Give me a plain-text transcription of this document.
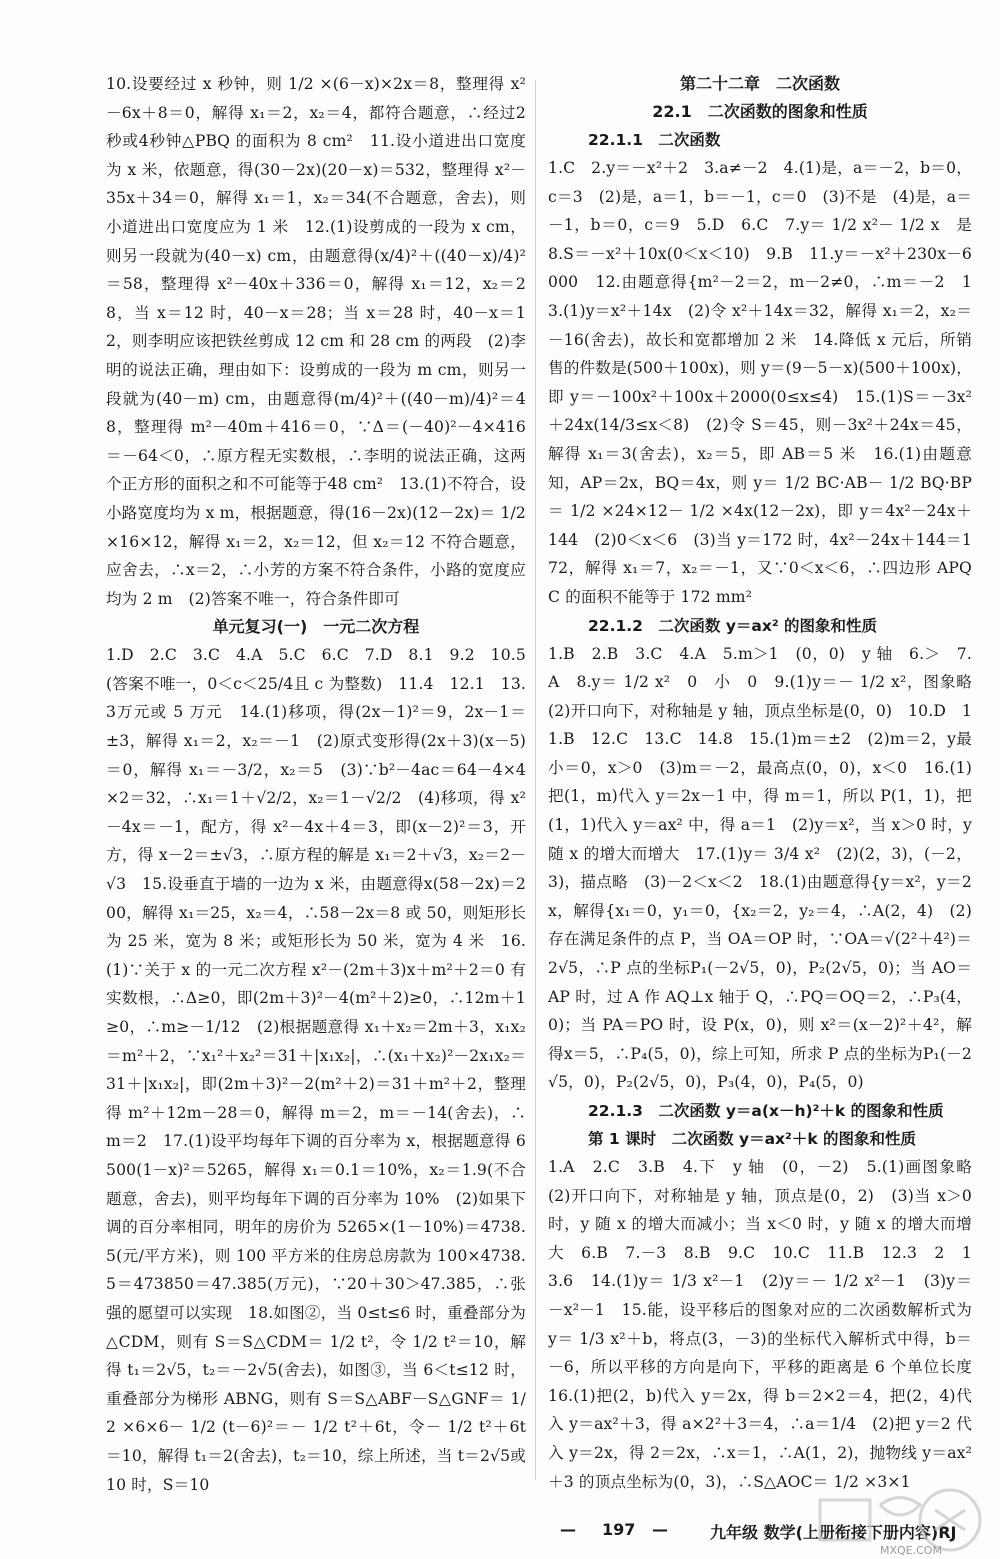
10.设要经过 x 秒钟，则 1/2 ×(6－x)×2x＝8，整理得 x²－6x＋8＝0，解得 x₁＝2，x₂＝4，都符合题意，∴经过2秒或4秒钟△PBQ 的面积为 8 cm²　11.设小道进出口宽度为 x 米，依题意，得(30－2x)(20－x)＝532，整理得 x²－35x＋34＝0，解得 x₁＝1，x₂＝34(不合题意，舍去)，则小道进出口宽度应为 1 米　12.(1)设剪成的一段为 x cm，则另一段就为(40－x) cm，由题意得(x/4)²＋((40－x)/4)²＝58，整理得 x²－40x＋336＝0，解得 x₁＝12，x₂＝28，当 x＝12 时，40－x＝28；当 x＝28 时，40－x＝12，则李明应该把铁丝剪成 12 cm 和 28 cm 的两段　(2)李明的说法正确，理由如下：设剪成的一段为 m cm，则另一段就为(40－m) cm，由题意得(m/4)²＋((40－m)/4)²＝48，整理得 m²－40m＋416＝0，∵Δ＝(－40)²－4×416＝－64＜0，∴原方程无实数根，∴李明的说法正确，这两个正方形的面积之和不可能等于48 cm²　13.(1)不符合，设小路宽度均为 x m，根据题意，得(16－2x)(12－2x)＝ 1/2 ×16×12，解得 x₁＝2，x₂＝12，但 x₂＝12 不符合题意，应舍去，∴x＝2，∴小芳的方案不符合条件，小路的宽度应均为 2 m　(2)答案不唯一，符合条件即可

单元复习(一)　一元二次方程

1.D　2.C　3.C　4.A　5.C　6.C　7.D　8.1　9.2　10.5(答案不唯一，0＜c＜25/4且 c 为整数)　11.4　12.1　13.3万元或 5 万元　14.(1)移项，得(2x－1)²＝9，2x－1＝±3，解得 x₁＝2，x₂＝－1　(2)原式变形得(2x＋3)(x－5)＝0，解得 x₁＝－3/2，x₂＝5　(3)∵b²－4ac＝64－4×4×2＝32，∴x₁＝1＋√2/2，x₂＝1－√2/2　(4)移项，得 x²－4x＝－1，配方，得 x²－4x＋4＝3，即(x－2)²＝3，开方，得 x－2＝±√3，∴原方程的解是 x₁＝2＋√3，x₂＝2－√3　15.设垂直于墙的一边为 x 米，由题意得x(58－2x)＝200，解得 x₁＝25，x₂＝4，∴58－2x＝8 或 50，则矩形长为 25 米，宽为 8 米；或矩形长为 50 米，宽为 4 米　16.(1)∵关于 x 的一元二次方程 x²－(2m＋3)x＋m²＋2＝0 有实数根，∴Δ≥0，即(2m＋3)²－4(m²＋2)≥0，∴12m＋1≥0，∴m≥－1/12　(2)根据题意得 x₁＋x₂＝2m＋3，x₁x₂＝m²＋2，∵x₁²＋x₂²＝31＋|x₁x₂|，∴(x₁＋x₂)²－2x₁x₂＝31＋|x₁x₂|，即(2m＋3)²－2(m²＋2)＝31＋m²＋2，整理得 m²＋12m－28＝0，解得 m＝2，m＝－14(舍去)，∴m＝2　17.(1)设平均每年下调的百分率为 x，根据题意得 6500(1－x)²＝5265，解得 x₁＝0.1＝10%，x₂＝1.9(不合题意，舍去)，则平均每年下调的百分率为 10%　(2)如果下调的百分率相同，明年的房价为 5265×(1－10%)＝4738.5(元/平方米)，则 100 平方米的住房总房款为 100×4738.5＝473850＝47.385(万元)，∵20＋30＞47.385，∴张强的愿望可以实现　18.如图②，当 0≤t≤6 时，重叠部分为△CDM，则有 S＝S△CDM＝ 1/2 t²，令 1/2 t²＝10，解得 t₁＝2√5，t₂＝－2√5(舍去)，如图③，当 6＜t≤12 时，重叠部分为梯形 ABNG，则有 S＝S△ABF－S△GNF＝ 1/2 ×6×6－ 1/2 (t－6)²＝－ 1/2 t²＋6t，令－ 1/2 t²＋6t＝10，解得 t₁＝2(舍去)，t₂＝10，综上所述，当 t＝2√5或 10 时，S＝10

第二十二章　二次函数

22.1　二次函数的图象和性质

22.1.1　二次函数

1.C　2.y＝－x²＋2　3.a≠－2　4.(1)是，a＝－2，b＝0，c＝3　(2)是，a＝1，b＝－1，c＝0　(3)不是　(4)是，a＝－1，b＝0，c＝9　5.D　6.C　7.y＝ 1/2 x²－ 1/2 x　是　8.S＝－x²＋10x(0＜x＜10)　9.B　11.y＝－x²＋230x－6000　12.由题意得{m²－2＝2，m－2≠0，∴m＝－2　13.(1)y＝x²＋14x　(2)令 x²＋14x＝32，解得 x₁＝2，x₂＝－16(舍去)，故长和宽都增加 2 米　14.降低 x 元后，所销售的件数是(500＋100x)，则 y＝(9－5－x)(500＋100x)，即 y＝－100x²＋100x＋2000(0≤x≤4)　15.(1)S＝－3x²＋24x(14/3≤x＜8)　(2)令 S＝45，则－3x²＋24x＝45，解得 x₁＝3(舍去)，x₂＝5，即 AB＝5 米　16.(1)由题意知，AP＝2x，BQ＝4x，则 y＝ 1/2 BC·AB－ 1/2 BQ·BP＝ 1/2 ×24×12－ 1/2 ×4x(12－2x)，即 y＝4x²－24x＋144　(2)0＜x＜6　(3)当 y＝172 时，4x²－24x＋144＝172，解得 x₁＝7，x₂＝－1，又∵0＜x＜6，∴四边形 APQC 的面积不能等于 172 mm²

22.1.2　二次函数 y＝ax² 的图象和性质

1.B　2.B　3.C　4.A　5.m＞1　(0，0)　y 轴　6.＞　7.A　8.y＝ 1/2 x²　0　小　0　9.(1)y＝－ 1/2 x²，图象略　(2)开口向下，对称轴是 y 轴，顶点坐标是(0，0)　10.D　11.B　12.C　13.C　14.8　15.(1)m＝±2　(2)m＝2，y最小＝0，x＞0　(3)m＝－2，最高点(0，0)，x＜0　16.(1)把(1，m)代入 y＝2x－1 中，得 m＝1，所以 P(1，1)，把(1，1)代入 y＝ax² 中，得 a＝1　(2)y＝x²，当 x＞0 时，y 随 x 的增大而增大　17.(1)y＝ 3/4 x²　(2)(2，3)，(－2，3)，描点略　(3)－2＜x＜2　18.(1)由题意得{y＝x²，y＝2x，解得{x₁＝0，y₁＝0，{x₂＝2，y₂＝4，∴A(2，4)　(2)存在满足条件的点 P，当 OA＝OP 时，∵OA＝√(2²＋4²)＝2√5，∴P 点的坐标P₁(－2√5，0)，P₂(2√5，0)；当 AO＝AP 时，过 A 作 AQ⊥x 轴于 Q，∴PQ＝OQ＝2，∴P₃(4，0)；当 PA＝PO 时，设 P(x，0)，则 x²＝(x－2)²＋4²，解得x＝5，∴P₄(5，0)，综上可知，所求 P 点的坐标为P₁(－2√5，0)，P₂(2√5，0)，P₃(4，0)，P₄(5，0)

22.1.3　二次函数 y＝a(x－h)²＋k 的图象和性质

第 1 课时　二次函数 y＝ax²＋k 的图象和性质

1.A　2.C　3.B　4.下　y 轴　(0，－2)　5.(1)画图象略　(2)开口向下，对称轴是 y 轴，顶点是(0，2)　(3)当 x＞0 时，y 随 x 的增大而减小；当 x＜0 时，y 随 x 的增大而增大　6.B　7.－3　8.B　9.C　10.C　11.B　12.3　2　13.6　14.(1)y＝ 1/3 x²－1　(2)y＝－ 1/2 x²－1　(3)y＝－x²－1　15.能，设平移后的图象对应的二次函数解析式为 y＝ 1/3 x²＋b，将点(3，－3)的坐标代入解析式中得，b＝－6，所以平移的方向是向下，平移的距离是 6 个单位长度　16.(1)把(2，b)代入 y＝2x，得 b＝2×2＝4，把(2，4)代入 y＝ax²＋3，得 a×2²＋3＝4，∴a＝1/4　(2)把 y＝2 代入 y＝2x，得 2＝2x，∴x＝1，∴A(1，2)，抛物线 y＝ax²＋3 的顶点坐标为(0，3)，∴S△AOC＝ 1/2 ×3×1

— 197 —	九年级 数学(上册衔接下册内容)RJ
MXQE.COM
